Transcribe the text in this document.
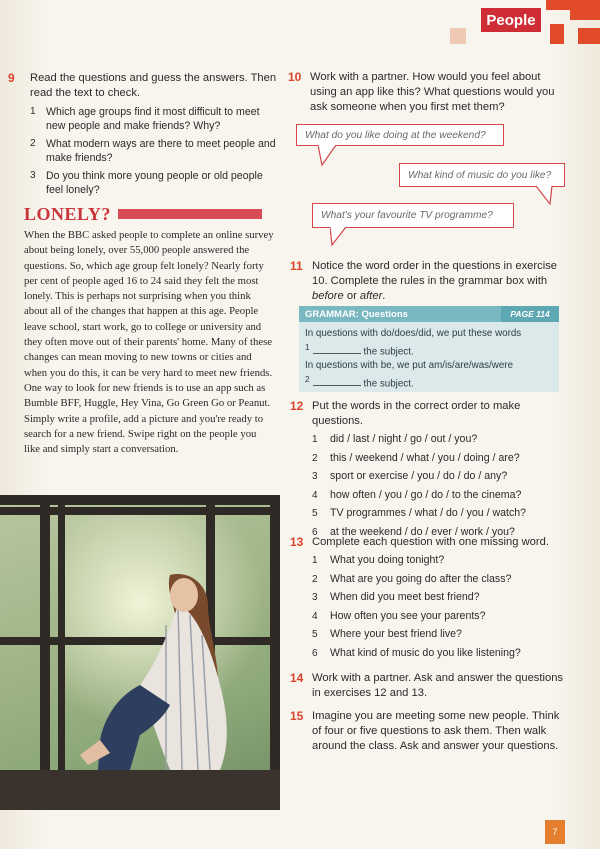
People
9 Read the questions and guess the answers. Then read the text to check.
1 Which age groups find it most difficult to meet new people and make friends? Why?
2 What modern ways are there to meet people and make friends?
3 Do you think more young people or old people feel lonely?
LONELY?
When the BBC asked people to complete an online survey about being lonely, over 55,000 people answered the questions. So, which age group felt lonely? Nearly forty per cent of people aged 16 to 24 said they felt the most lonely. This is perhaps not surprising when you think about all of the changes that happen at this age. People leave school, start work, go to college or university and they often move out of their parents' home. Many of these changes can mean moving to new towns or cities and when you do this, it can be very hard to meet new friends. One way to look for new friends is to use an app such as Bumble BFF, Huggle, Hey Vina, Go Green Go or Peanut. Simply write a profile, add a picture and you're ready to search for a new friend. Swipe right on the people you like and simply start a conversation.
10 Work with a partner. How would you feel about using an app like this? What questions would you ask someone when you first met them?
What do you like doing at the weekend?
What kind of music do you like?
What's your favourite TV programme?
11 Notice the word order in the questions in exercise 10. Complete the rules in the grammar box with before or after.
GRAMMAR: Questions	PAGE 114
In questions with do/does/did, we put these words
$^1$	the subject.
In questions with be, we put am/is/are/was/were
$^2$	the subject.
12 Put the words in the correct order to make questions.
1 did / last / night / go / out / you?
2 this / weekend / what / you / doing / are?
3 sport or exercise / you / do / do / any?
4 how often / you / go / do / to the cinema?
5 TV programmes / what / do / you / watch?
6 at the weekend / do / ever / work / you?
13 Complete each question with one missing word.
1 What you doing tonight?
2 What are you going do after the class?
3 When did you meet best friend?
4 How often you see your parents?
5 Where your best friend live?
6 What kind of music do you like listening?
14 Work with a partner. Ask and answer the questions in exercises 12 and 13.
15 Imagine you are meeting some new people. Think of four or five questions to ask them. Then walk around the class. Ask and answer your questions.
7
